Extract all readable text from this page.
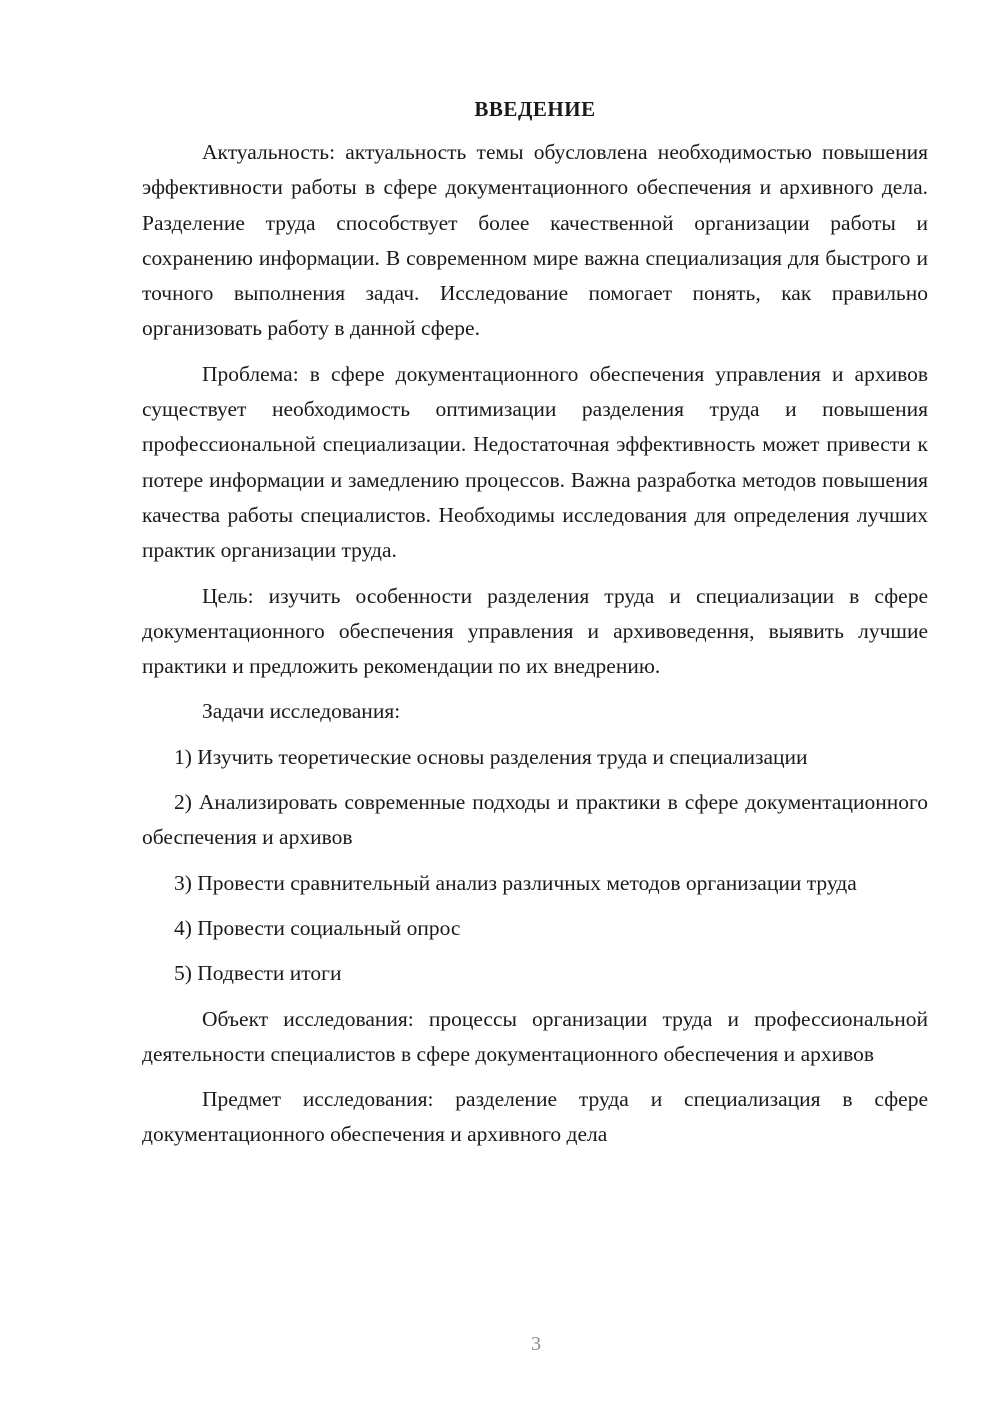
ВВЕДЕНИЕ

Актуальность: актуальность темы обусловлена необходимостью повышения эффективности работы в сфере документационного обеспечения и архивного дела. Разделение труда способствует более качественной организации работы и сохранению информации. В современном мире важна специализация для быстрого и точного выполнения задач. Исследование помогает понять, как правильно организовать работу в данной сфере.

Проблема: в сфере документационного обеспечения управления и архивов существует необходимость оптимизации разделения труда и повышения профессиональной специализации. Недостаточная эффективность может привести к потере информации и замедлению процессов. Важна разработка методов повышения качества работы специалистов. Необходимы исследования для определения лучших практик организации труда.

Цель: изучить особенности разделения труда и специализации в сфере документационного обеспечения управления и архивоведення, выявить лучшие практики и предложить рекомендации по их внедрению.

Задачи исследования:

1) Изучить теоретические основы разделения труда и специализации

2) Анализировать современные подходы и практики в сфере документационного обеспечения и архивов

3) Провести сравнительный анализ различных методов организации труда

4) Провести социальный опрос

5) Подвести итоги

Объект исследования: процессы организации труда и профессиональной деятельности специалистов в сфере документационного обеспечения и архивов

Предмет исследования: разделение труда и специализация в сфере документационного обеспечения и архивного дела

3
